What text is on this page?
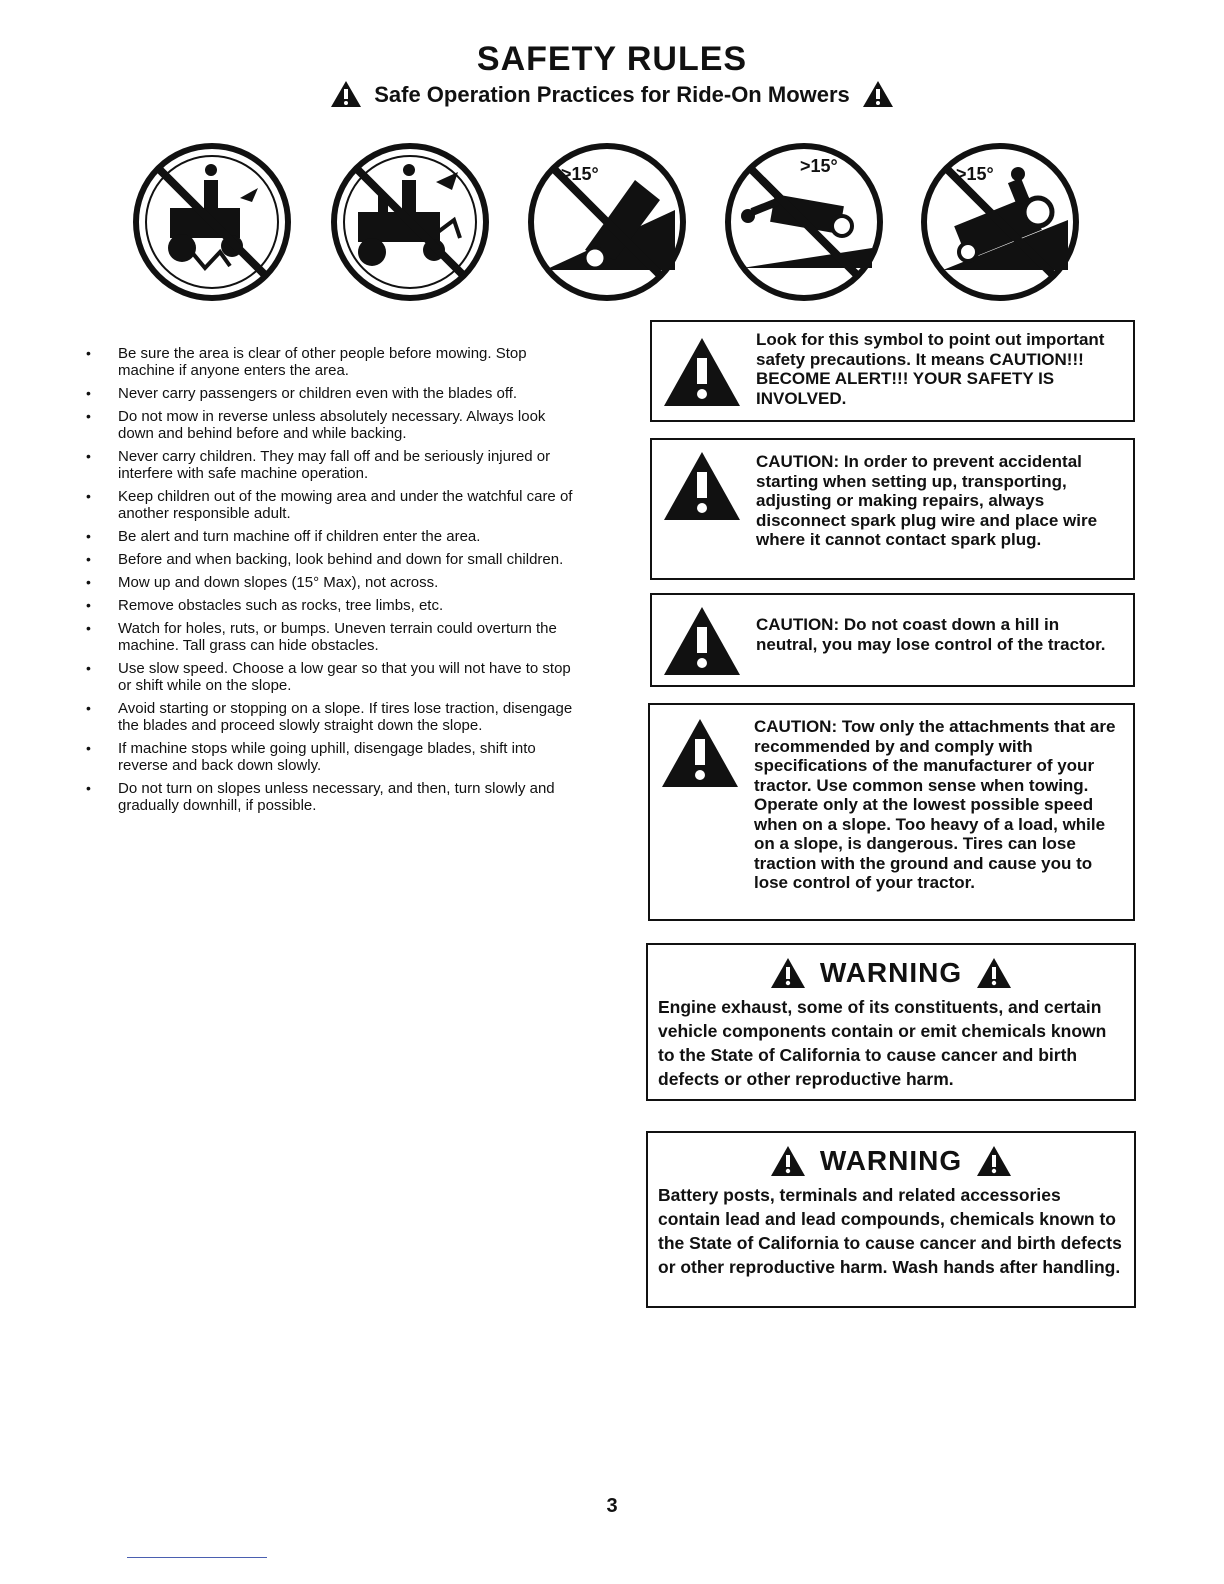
SAFETY RULES
Safe Operation Practices for Ride-On Mowers
>15°	>15°	>15°
• Be sure the area is clear of other people before mowing. Stop machine if anyone enters the area.
• Never carry passengers or children even with the blades off.
• Do not mow in reverse unless absolutely necessary. Always look down and behind before and while backing.
• Never carry children. They may fall off and be seriously injured or interfere with safe machine operation.
• Keep children out of the mowing area and under the watchful care of another responsible adult.
• Be alert and turn machine off if children enter the area.
• Before and when backing, look behind and down for small children.
• Mow up and down slopes (15° Max), not across.
• Remove obstacles such as rocks, tree limbs, etc.
• Watch for holes, ruts, or bumps. Uneven terrain could overturn the machine. Tall grass can hide obstacles.
• Use slow speed. Choose a low gear so that you will not have to stop or shift while on the slope.
• Avoid starting or stopping on a slope. If tires lose traction, disengage the blades and proceed slowly straight down the slope.
• If machine stops while going uphill, disengage blades, shift into reverse and back down slowly.
• Do not turn on slopes unless necessary, and then, turn slowly and gradually downhill, if possible.
Look for this symbol to point out important safety precautions. It means CAUTION!!! BECOME ALERT!!! YOUR SAFETY IS INVOLVED.
CAUTION: In order to prevent accidental starting when setting up, transporting, adjusting or making repairs, always disconnect spark plug wire and place wire where it cannot contact spark plug.
CAUTION: Do not coast down a hill in neutral, you may lose control of the tractor.
CAUTION: Tow only the attachments that are recommended by and comply with specifications of the manufacturer of your tractor. Use common sense when towing. Operate only at the lowest possible speed when on a slope. Too heavy of a load, while on a slope, is dangerous. Tires can lose traction with the ground and cause you to lose control of your tractor.
WARNING
Engine exhaust, some of its constituents, and certain vehicle components contain or emit chemicals known to the State of California to cause cancer and birth defects or other reproductive harm.
WARNING
Battery posts, terminals and related accessories contain lead and lead compounds, chemicals known to the State of California to cause cancer and birth defects or other reproductive harm. Wash hands after handling.
3
